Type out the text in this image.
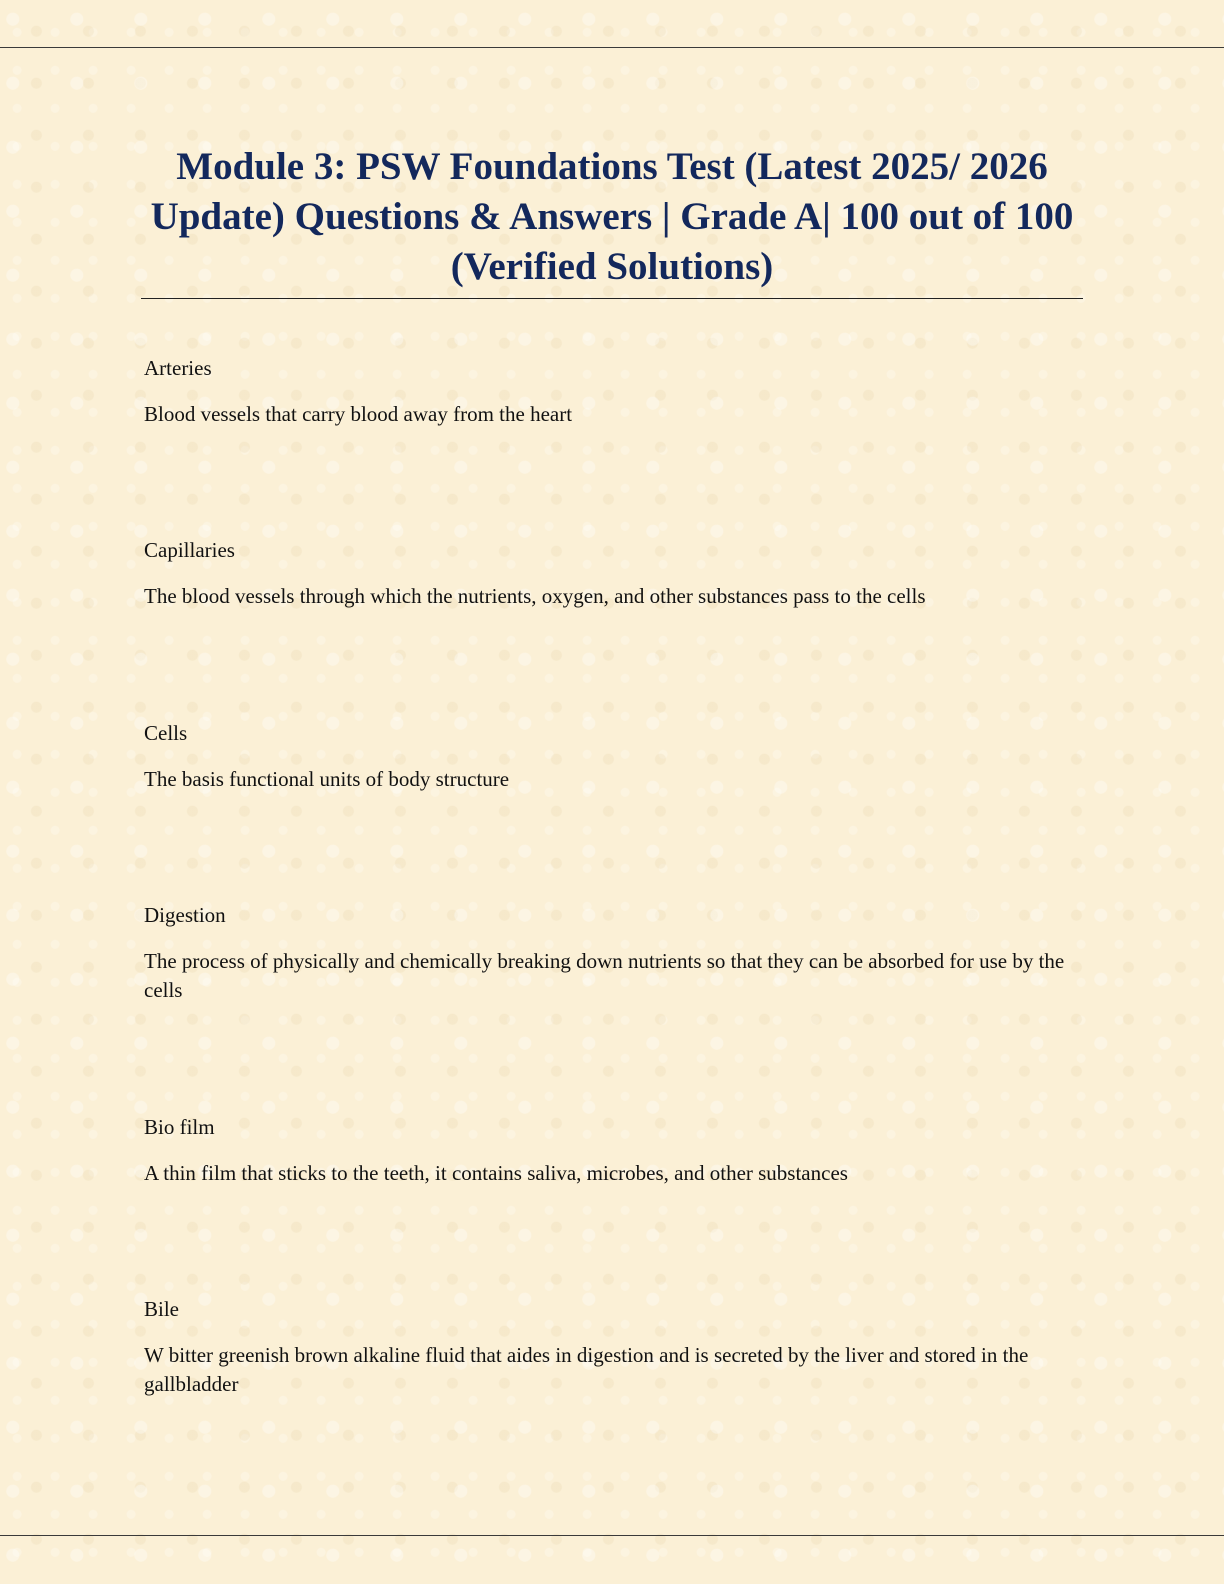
Module 3: PSW Foundations Test (Latest 2025/ 2026 Update) Questions & Answers | Grade A| 100 out of 100 (Verified Solutions)

Arteries

Blood vessels that carry blood away from the heart

Capillaries

The blood vessels through which the nutrients, oxygen, and other substances pass to the cells

Cells

The basis functional units of body structure

Digestion

The process of physically and chemically breaking down nutrients so that they can be absorbed for use by the cells

Bio film

A thin film that sticks to the teeth, it contains saliva, microbes, and other substances

Bile

W bitter greenish brown alkaline fluid that aides in digestion and is secreted by the liver and stored in the gallbladder
